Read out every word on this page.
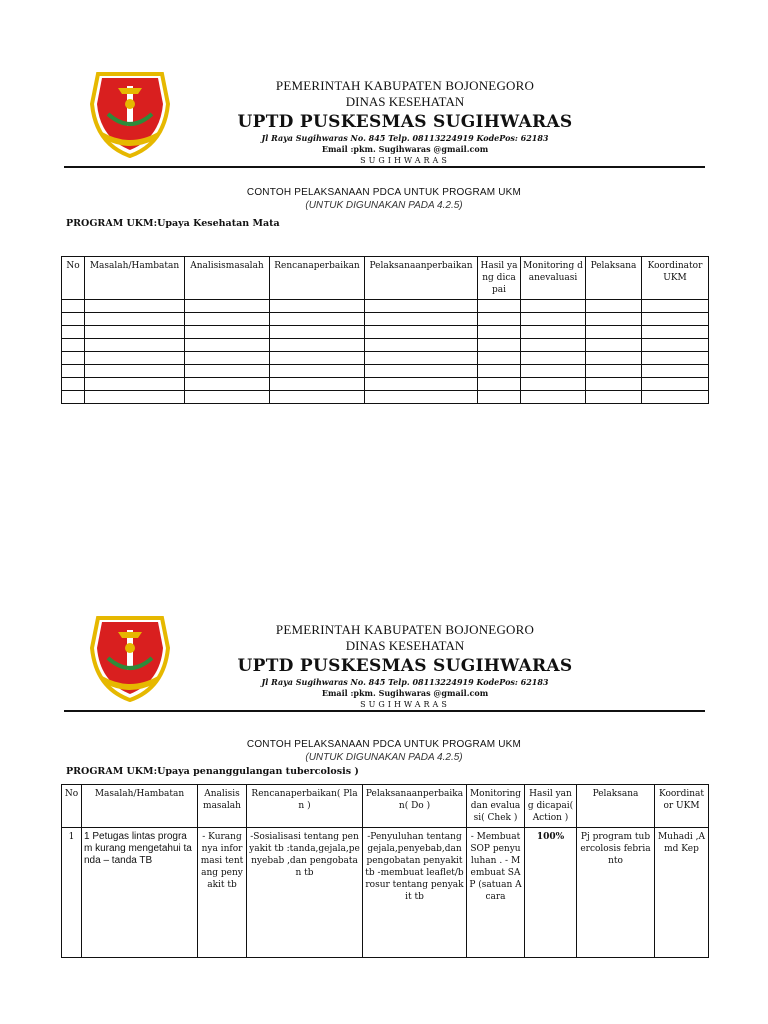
PEMERINTAH KABUPATEN BOJONEGORO
DINAS KESEHATAN
UPTD PUSKESMAS SUGIHWARAS
Jl Raya Sugihwaras No. 845 Telp. 08113224919 KodePos: 62183
Email :pkm. Sugihwaras @gmail.com
SUGIHWARAS
CONTOH PELAKSANAAN PDCA UNTUK PROGRAM UKM
(UNTUK DIGUNAKAN PADA 4.2.5)
PROGRAM UKM:Upaya Kesehatan Mata
No	Masalah/Hambatan	Analisismasalah	Rencanaperbaikan	Pelaksanaanperbaikan	Hasil yang dicapai	Monitoring danevaluasi	Pelaksana	Koordinator UKM

PEMERINTAH KABUPATEN BOJONEGORO
DINAS KESEHATAN
UPTD PUSKESMAS SUGIHWARAS
Jl Raya Sugihwaras No. 845 Telp. 08113224919 KodePos: 62183
Email :pkm. Sugihwaras @gmail.com
SUGIHWARAS
CONTOH PELAKSANAAN PDCA UNTUK PROGRAM UKM
(UNTUK DIGUNAKAN PADA 4.2.5)
PROGRAM UKM:Upaya penanggulangan tubercolosis )
No	Masalah/Hambatan	Analisis masalah	Rencanaperbaikan( Plan )	Pelaksanaanperbaikan( Do )	Monitoring dan evaluasi( Chek )	Hasil yang dicapai( Action )	Pelaksana	Koordinator UKM
1	1 Petugas lintas program kurang mengetahui tanda – tanda TB	- Kurangnya informasi tentang penyakit tb	-Sosialisasi tentang penyakit tb :tanda,gejala,penyebab ,dan pengobatan tb	-Penyuluhan tentang gejala,penyebab,dan pengobatan penyakit tb -membuat leaflet/brosur tentang penyakit tb	- Membuat SOP penyuluhan . - Membuat SAP (satuan Acara	100%	Pj program tubercolosis febrianto	Muhadi ,Amd Kep
